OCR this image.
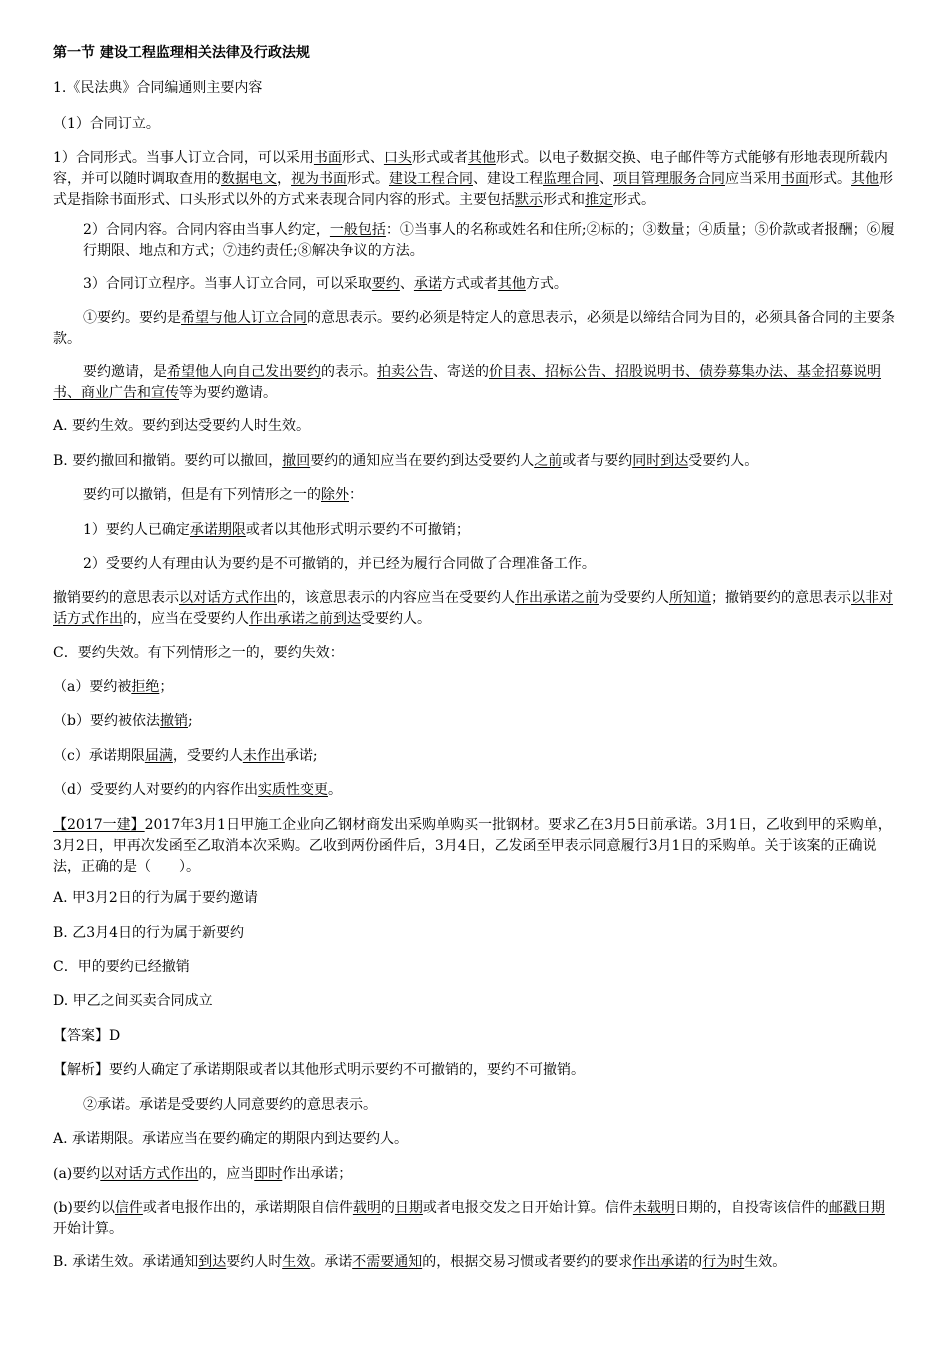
第一节 建设工程监理相关法律及行政法规

1.《民法典》合同编通则主要内容

（1）合同订立。

1）合同形式。当事人订立合同，可以采用书面形式、口头形式或者其他形式。以电子数据交换、电子邮件等方式能够有形地表现所载内容，并可以随时调取查用的数据电文，视为书面形式。建设工程合同、建设工程监理合同、项目管理服务合同应当采用书面形式。其他形式是指除书面形式、口头形式以外的方式来表现合同内容的形式。主要包括默示形式和推定形式。

2）合同内容。合同内容由当事人约定，一般包括：①当事人的名称或姓名和住所;②标的；③数量；④质量；⑤价款或者报酬；⑥履行期限、地点和方式；⑦违约责任;⑧解决争议的方法。

3）合同订立程序。当事人订立合同，可以采取要约、承诺方式或者其他方式。

①要约。要约是希望与他人订立合同的意思表示。要约必须是特定人的意思表示，必须是以缔结合同为目的，必须具备合同的主要条款。

要约邀请，是希望他人向自己发出要约的表示。拍卖公告、寄送的价目表、招标公告、招股说明书、债券募集办法、基金招募说明书、商业广告和宣传等为要约邀请。

A. 要约生效。要约到达受要约人时生效。

B. 要约撤回和撤销。要约可以撤回，撤回要约的通知应当在要约到达受要约人之前或者与要约同时到达受要约人。

要约可以撤销，但是有下列情形之一的除外：

1）要约人已确定承诺期限或者以其他形式明示要约不可撤销；

2）受要约人有理由认为要约是不可撤销的，并已经为履行合同做了合理准备工作。

撤销要约的意思表示以对话方式作出的，该意思表示的内容应当在受要约人作出承诺之前为受要约人所知道；撤销要约的意思表示以非对话方式作出的，应当在受要约人作出承诺之前到达受要约人。

C．要约失效。有下列情形之一的，要约失效：

（a）要约被拒绝；

（b）要约被依法撤销;

（c）承诺期限届满，受要约人未作出承诺;

（d）受要约人对要约的内容作出实质性变更。

【2017一建】2017年3月1日甲施工企业向乙钢材商发出采购单购买一批钢材。要求乙在3月5日前承诺。3月1日，乙收到甲的采购单，3月2日，甲再次发函至乙取消本次采购。乙收到两份函件后，3月4日，乙发函至甲表示同意履行3月1日的采购单。关于该案的正确说法，正确的是（　　）。

A. 甲3月2日的行为属于要约邀请

B. 乙3月4日的行为属于新要约

C．甲的要约已经撤销

D. 甲乙之间买卖合同成立

【答案】D

【解析】要约人确定了承诺期限或者以其他形式明示要约不可撤销的，要约不可撤销。

②承诺。承诺是受要约人同意要约的意思表示。

A. 承诺期限。承诺应当在要约确定的期限内到达要约人。

(a)要约以对话方式作出的，应当即时作出承诺；

(b)要约以信件或者电报作出的，承诺期限自信件载明的日期或者电报交发之日开始计算。信件未载明日期的，自投寄该信件的邮戳日期开始计算。

B. 承诺生效。承诺通知到达要约人时生效。承诺不需要通知的，根据交易习惯或者要约的要求作出承诺的行为时生效。
